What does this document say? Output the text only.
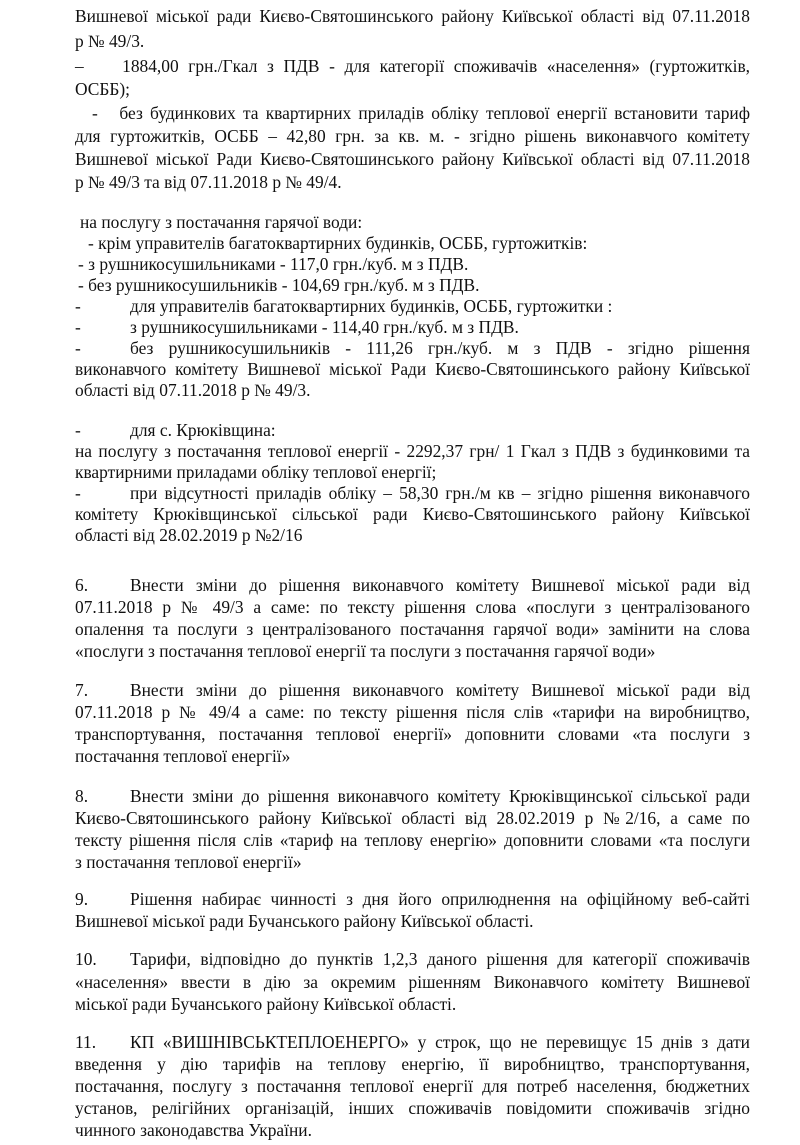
Вишневої міської ради Києво-Святошинського району Київської області від 07.11.2018
р № 49/3.
–    1884,00 грн./Гкал з ПДВ - для категорії споживачів «населення» (гуртожитків,
ОСББ);
-   без будинкових та квартирних приладів обліку теплової енергії встановити тариф
для гуртожитків, ОСББ – 42,80 грн. за кв. м. - згідно рішень виконавчого комітету
Вишневої міської Ради Києво-Святошинського району Київської області від 07.11.2018
р № 49/3 та від 07.11.2018 р № 49/4.
на послугу з постачання гарячої води:
- крім управителів багатоквартирних будинків, ОСББ, гуртожитків:
- з рушникосушильниками - 117,0 грн./куб. м з ПДВ.
- без рушникосушильників - 104,69 грн./куб. м з ПДВ.
-	для управителів багатоквартирних будинків, ОСББ, гуртожитки :
-	з рушникосушильниками - 114,40 грн./куб. м з ПДВ.
-	без рушникосушильників - 111,26 грн./куб. м з ПДВ - згідно рішення
виконавчого комітету Вишневої міської Ради Києво-Святошинського району Київської
області від 07.11.2018 р № 49/3.
-	для с. Крюківщина:
на послугу з постачання теплової енергії - 2292,37 грн/ 1 Гкал з ПДВ з будинковими та
квартирними приладами обліку теплової енергії;
-	при відсутності приладів обліку – 58,30 грн./м кв – згідно рішення виконавчого
комітету Крюківщинської сільської ради Києво-Святошинського району Київської
області від 28.02.2019 р №2/16
6. Внести зміни до рішення виконавчого комітету Вишневої міської ради від
07.11.2018 р № 49/3 а саме: по тексту рішення слова «послуги з централізованого
опалення та послуги з централізованого постачання гарячої води» замінити на слова
«послуги з постачання теплової енергії та послуги з постачання гарячої води»
7. Внести зміни до рішення виконавчого комітету Вишневої міської ради від
07.11.2018 р № 49/4 а саме: по тексту рішення після слів «тарифи на виробництво,
транспортування, постачання теплової енергії» доповнити словами «та послуги з
постачання теплової енергії»
8. Внести зміни до рішення виконавчого комітету Крюківщинської сільської ради
Києво-Святошинського району Київської області від 28.02.2019 р №2/16, а саме по
тексту рішення після слів «тариф на теплову енергію» доповнити словами «та послуги
з постачання теплової енергії»
9. Рішення набирає чинності з дня його оприлюднення на офіційному веб-сайті
Вишневої міської ради Бучанського району Київської області.
10. Тарифи, відповідно до пунктів 1,2,3 даного рішення для категорії споживачів
«населення» ввести в дію за окремим рішенням Виконавчого комітету Вишневої
міської ради Бучанського району Київської області.
11. КП «ВИШНІВСЬКТЕПЛОЕНЕРГО» у строк, що не перевищує 15 днів з дати
введення у дію тарифів на теплову енергію, її виробництво, транспортування,
постачання, послугу з постачання теплової енергії для потреб населення, бюджетних
установ, релігійних організацій, інших споживачів повідомити споживачів згідно
чинного законодавства України.
